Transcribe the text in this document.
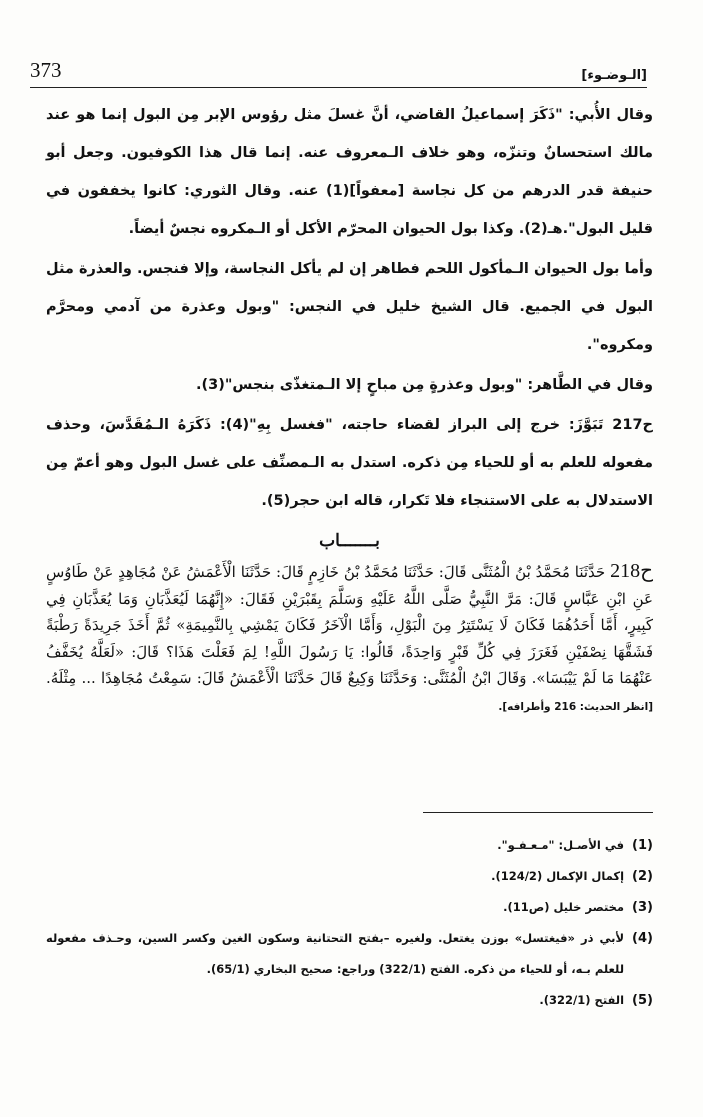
373	[الـوضـوء]

وقال الأُبي: "ذَكَرَ إسماعيلُ القاضي، أنَّ غسلَ مثل رؤوس الإبر مِن البول إنما هو عند مالك استحسانٌ وتنزّه، وهو خلاف الـمعروف عنه. إنما قال هذا الكوفيون. وجعل أبو حنيفة قدر الدرهم من كل نجاسة [معفواً](1) عنه. وقال الثوري: كانوا يخففون في قليل البول".هـ(2). وكذا بول الحيوان المحرّم الأكل أو الـمكروه نجسٌ أيضاً.

وأما بول الحيوان الـمأكول اللحم فطاهر إن لم يأكل النجاسة، وإلا فنجس. والعذرة مثل البول في الجميع. قال الشيخ خليل في النجس: "وبول وعذرة من آدمي ومحرَّم ومكروه".

وقال في الطَّاهر: "وبول وعذرةٍ مِن مباحٍ إلا الـمتغذّى بنجس"(3).

ح217 تَبَوَّزَ: خرج إلى البراز لقضاء حاجته، "فغسل بِهِ"(4): ذَكَرَهُ الـمُقَدَّسَ، وحذف مفعوله للعلم به أو للحياء مِن ذكره. استدل به الـمصنِّف على غسل البول وهو أعمّ مِن الاستدلال به على الاستنجاء فلا تَكرار، قاله ابن حجر(5).

بـــــــاب
ح218 حَدَّثَنَا مُحَمَّدُ بْنُ الْمُثَنَّى قَالَ: حَدَّثَنَا مُحَمَّدُ بْنُ خَازِمٍ قَالَ: حَدَّثَنَا الْأَعْمَشُ عَنْ مُجَاهِدٍ عَنْ طَاوُسٍ عَنِ ابْنِ عَبَّاسٍ قَالَ: مَرَّ النَّبِيُّ صَلَّى اللَّهُ عَلَيْهِ وَسَلَّمَ بِقَبْرَيْنِ فَقَالَ: «إِنَّهُمَا لَيُعَذَّبَانِ وَمَا يُعَذَّبَانِ فِي كَبِيرٍ، أَمَّا أَحَدُهُمَا فَكَانَ لَا يَسْتَتِرُ مِنَ الْبَوْلِ، وَأَمَّا الْآخَرُ فَكَانَ يَمْشِي بِالنَّمِيمَةِ» ثُمَّ أَخَذَ جَرِيدَةً رَطْبَةً فَشَقَّهَا نِصْفَيْنِ فَغَرَزَ فِي كُلِّ قَبْرٍ وَاحِدَةً، قَالُوا: يَا رَسُولَ اللَّهِ! لِمَ فَعَلْتَ هَذَا؟ قَالَ: «لَعَلَّهُ يُخَفَّفُ عَنْهُمَا مَا لَمْ يَيْبَسَا». وَقَالَ ابْنُ الْمُثَنَّى: وَحَدَّثَنَا وَكِيعٌ قَالَ حَدَّثَنَا الْأَعْمَشُ قَالَ: سَمِعْتُ مُجَاهِدًا ... مِثْلَهُ. [انظر الحديث: 216 وأطرافه].
(1)
في الأصـل: "مـعـفـو".
(2)
إكمال الإكمال (124/2).
(3)
مختصر خليل (ص11).
(4)
لأبي ذر «فيغتسل» بوزن يغتعل. ولغيره –بفتح التحتانية وسكون الغين وكسر السين، وحـذف مفعوله للعلم بـه، أو للحياء من ذكره. الفتح (322/1) وراجع: صحيح البخاري (65/1).
(5)
الفتح (322/1).
